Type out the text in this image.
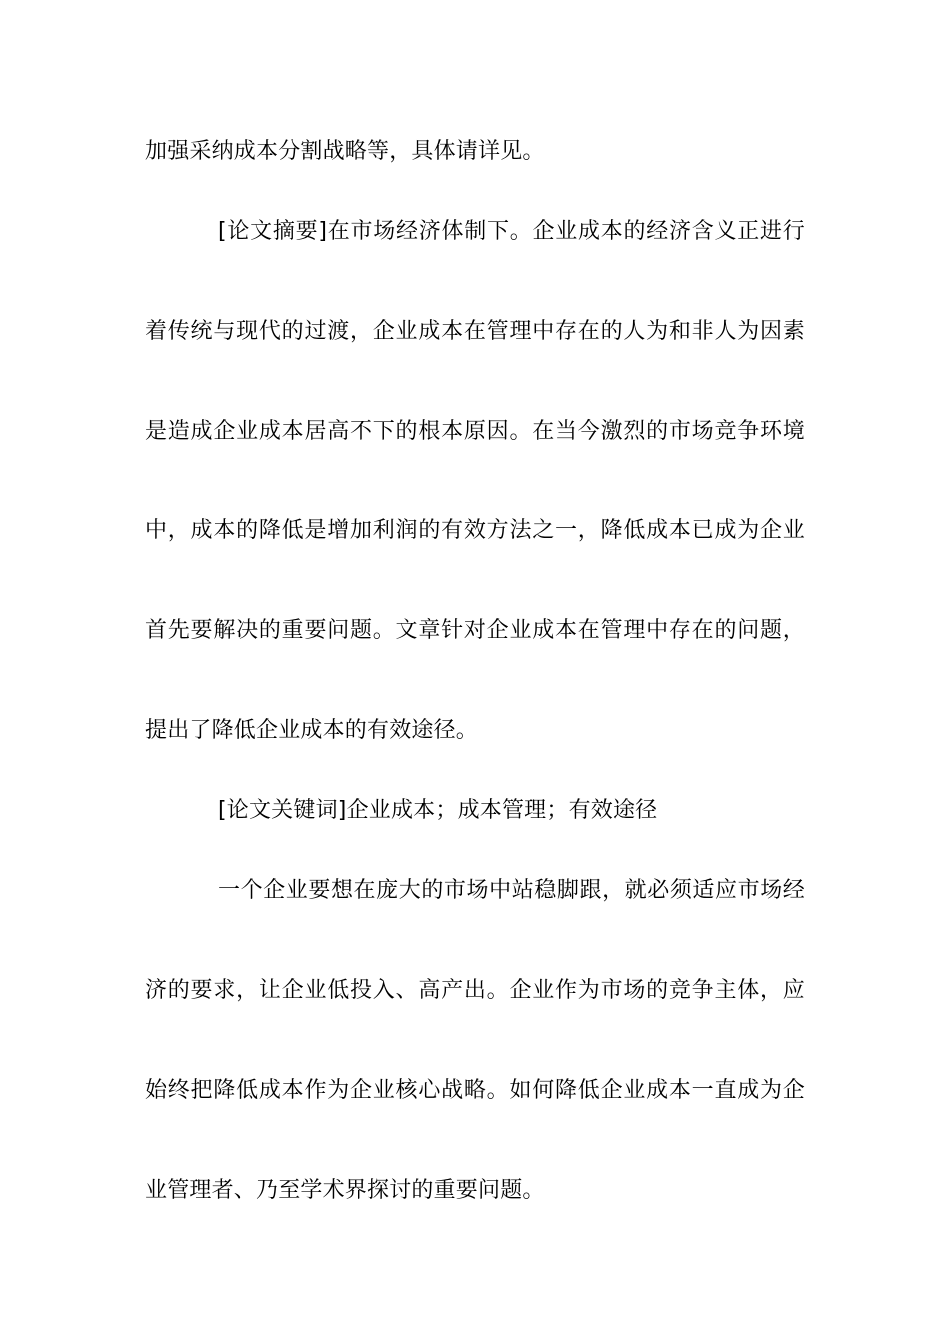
加强采纳成本分割战略等，具体请详见。
[论文摘要]在市场经济体制下。企业成本的经济含义正进行
着传统与现代的过渡，企业成本在管理中存在的人为和非人为因素
是造成企业成本居高不下的根本原因。在当今激烈的市场竞争环境
中，成本的降低是增加利润的有效方法之一，降低成本已成为企业
首先要解决的重要问题。文章针对企业成本在管理中存在的问题，
提出了降低企业成本的有效途径。
[论文关键词]企业成本；成本管理；有效途径
一个企业要想在庞大的市场中站稳脚跟，就必须适应市场经
济的要求，让企业低投入、高产出。企业作为市场的竞争主体，应
始终把降低成本作为企业核心战略。如何降低企业成本一直成为企
业管理者、乃至学术界探讨的重要问题。
